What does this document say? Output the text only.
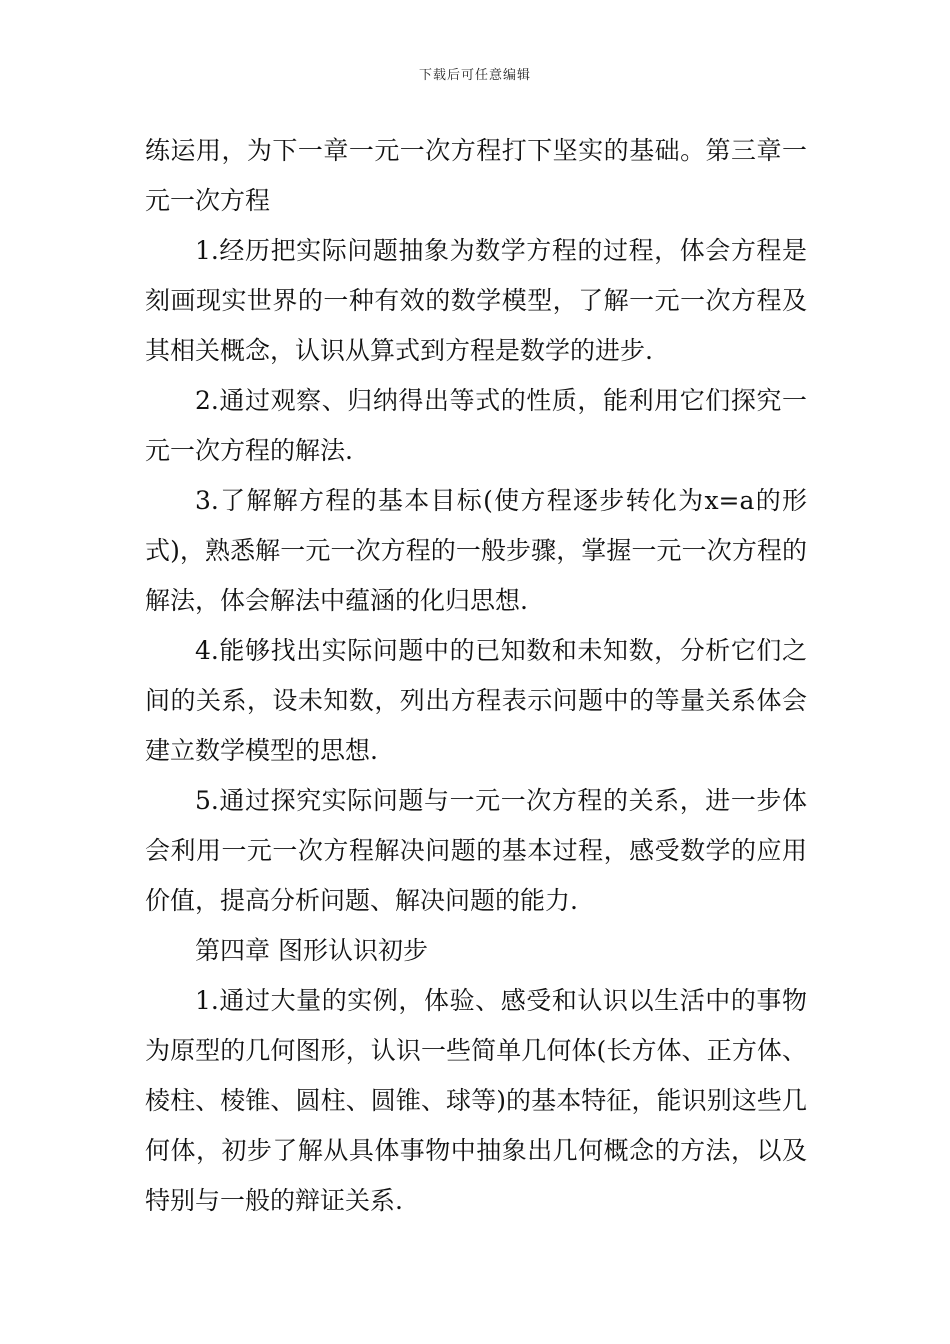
下载后可任意编辑

练运用，为下一章一元一次方程打下坚实的基础。第三章一元一次方程

1.经历把实际问题抽象为数学方程的过程，体会方程是刻画现实世界的一种有效的数学模型，了解一元一次方程及其相关概念，认识从算式到方程是数学的进步.

2.通过观察、归纳得出等式的性质，能利用它们探究一元一次方程的解法.

3.了解解方程的基本目标(使方程逐步转化为x=a的形式)，熟悉解一元一次方程的一般步骤，掌握一元一次方程的解法，体会解法中蕴涵的化归思想.

4.能够找出实际问题中的已知数和未知数，分析它们之间的关系，设未知数，列出方程表示问题中的等量关系体会建立数学模型的思想.

5.通过探究实际问题与一元一次方程的关系，进一步体会利用一元一次方程解决问题的基本过程，感受数学的应用价值，提高分析问题、解决问题的能力.

第四章 图形认识初步

1.通过大量的实例，体验、感受和认识以生活中的事物为原型的几何图形，认识一些简单几何体(长方体、正方体、棱柱、棱锥、圆柱、圆锥、球等)的基本特征，能识别这些几何体，初步了解从具体事物中抽象出几何概念的方法，以及特别与一般的辩证关系.
